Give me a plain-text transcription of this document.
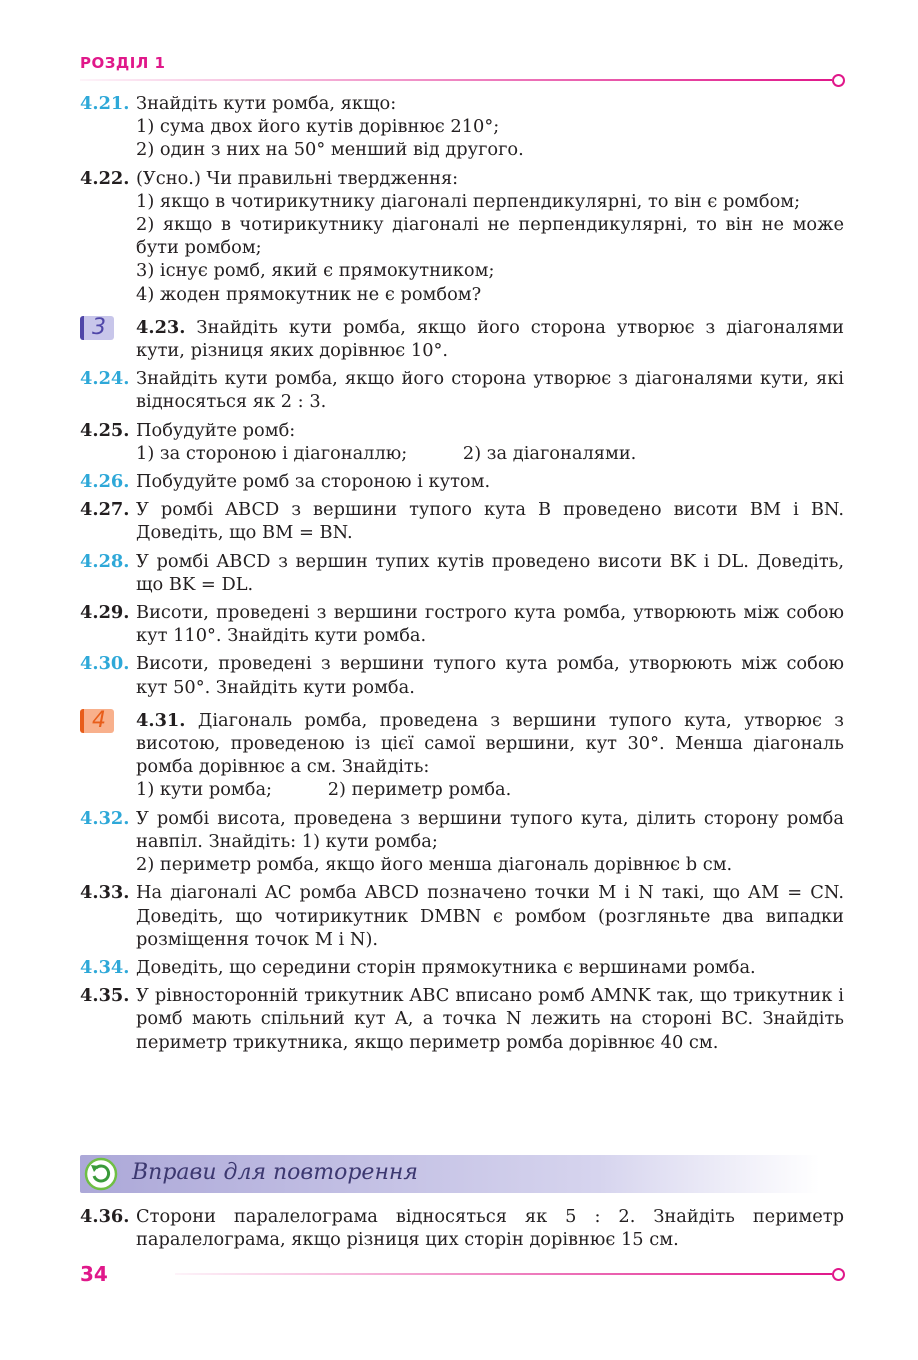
РОЗДІЛ 1
4.21. Знайдіть кути ромба, якщо:
1) сума двох його кутів дорівнює 210°;
2) один з них на 50° менший від другого.
4.22. (Усно.) Чи правильні твердження:
1) якщо в чотирикутнику діагоналі перпендикулярні, то він є ромбом;
2) якщо в чотирикутнику діагоналі не перпендикулярні, то він не може бути ромбом;
3) існує ромб, який є прямокутником;
4) жоден прямокутник не є ромбом?
3	4.23. Знайдіть кути ромба, якщо його сторона утворює з діагоналями кути, різниця яких дорівнює 10°.
4.24. Знайдіть кути ромба, якщо його сторона утворює з діагоналями кути, які відносяться як 2 : 3.
4.25. Побудуйте ромб:
1) за стороною і діагоналлю;	2) за діагоналями.
4.26. Побудуйте ромб за стороною і кутом.
4.27. У ромбі ABCD з вершини тупого кута B проведено висоти BM і BN. Доведіть, що BM = BN.
4.28. У ромбі ABCD з вершин тупих кутів проведено висоти BK і DL. Доведіть, що BK = DL.
4.29. Висоти, проведені з вершини гострого кута ромба, утворюють між собою кут 110°. Знайдіть кути ромба.
4.30. Висоти, проведені з вершини тупого кута ромба, утворюють між собою кут 50°. Знайдіть кути ромба.
4	4.31. Діагональ ромба, проведена з вершини тупого кута, утворює з висотою, проведеною із цієї самої вершини, кут 30°. Менша діагональ ромба дорівнює a см. Знайдіть:
1) кути ромба;	2) периметр ромба.
4.32. У ромбі висота, проведена з вершини тупого кута, ділить сторону ромба навпіл. Знайдіть: 1) кути ромба;
2) периметр ромба, якщо його менша діагональ дорівнює b см.
4.33. На діагоналі AC ромба ABCD позначено точки M і N такі, що AM = CN. Доведіть, що чотирикутник DMBN є ромбом (розгляньте два випадки розміщення точок M і N).
4.34. Доведіть, що середини сторін прямокутника є вершинами ромба.
4.35. У рівносторонній трикутник ABC вписано ромб AMNK так, що трикутник і ромб мають спільний кут A, а точка N лежить на стороні BC. Знайдіть периметр трикутника, якщо периметр ромба дорівнює 40 см.
Вправи для повторення
4.36. Сторони паралелограма відносяться як 5 : 2. Знайдіть периметр паралелограма, якщо різниця цих сторін дорівнює 15 см.
34
